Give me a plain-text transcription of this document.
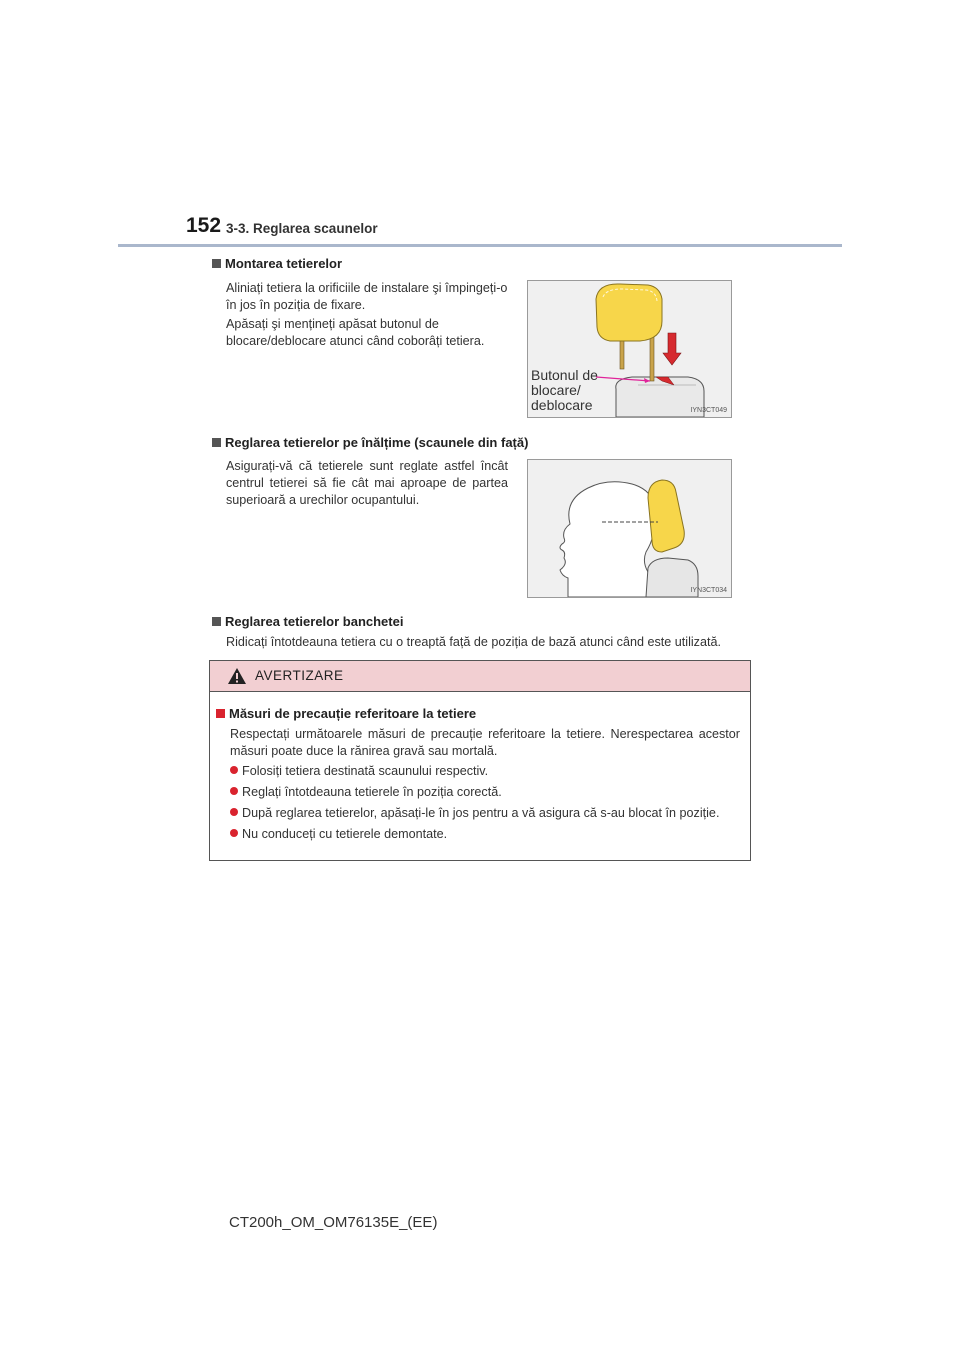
152 3-3. Reglarea scaunelor
Montarea tetierelor
Aliniați tetiera la orificiile de instalare şi împingeți-o în jos în poziția de fixare.
Apăsați şi mențineți apăsat butonul de blocare/deblocare atunci când coborâți tetiera.
Butonul de
blocare/
deblocare	IYN3CT049
Reglarea tetierelor pe înălțime (scaunele din față)
Asigurați-vă că tetierele sunt reglate astfel încât centrul tetierei să fie cât mai aproape de partea superioară a urechilor ocupantului.
IYN3CT034
Reglarea tetierelor banchetei
Ridicați întotdeauna tetiera cu o treaptă față de poziția de bază atunci când este utilizată.
AVERTIZARE
Măsuri de precauție referitoare la tetiere
Respectați următoarele măsuri de precauție referitoare la tetiere. Nerespectarea acestor măsuri poate duce la rănirea gravă sau mortală.
Folosiți tetiera destinată scaunului respectiv.
Reglați întotdeauna tetierele în poziția corectă.
După reglarea tetierelor, apăsați-le în jos pentru a vă asigura că s-au blocat în poziție.
Nu conduceți cu tetierele demontate.
CT200h_OM_OM76135E_(EE)
